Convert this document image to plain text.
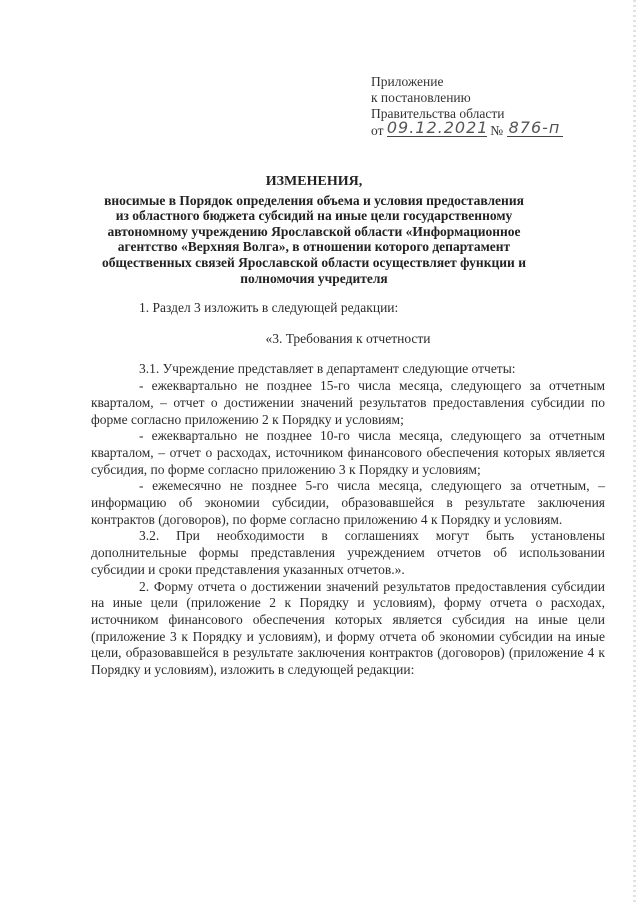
Приложение
к постановлению
Правительства области
от 09.12.2021 № 876-п
ИЗМЕНЕНИЯ,
вносимые в Порядок определения объема и условия предоставления из областного бюджета субсидий на иные цели государственному автономному учреждению Ярославской области «Информационное агентство «Верхняя Волга», в отношении которого департамент общественных связей Ярославской области осуществляет функции и полномочия учредителя

1. Раздел 3 изложить в следующей редакции:

«3. Требования к отчетности

3.1. Учреждение представляет в департамент следующие отчеты:

- ежеквартально не позднее 15-го числа месяца, следующего за отчетным кварталом, – отчет о достижении значений результатов предоставления субсидии по форме согласно приложению 2 к Порядку и условиям;

- ежеквартально не позднее 10-го числа месяца, следующего за отчетным кварталом, – отчет о расходах, источником финансового обеспечения которых является субсидия, по форме согласно приложению 3 к Порядку и условиям;

- ежемесячно не позднее 5-го числа месяца, следующего за отчетным, – информацию об экономии субсидии, образовавшейся в результате заключения контрактов (договоров), по форме согласно приложению 4 к Порядку и условиям.

3.2. При необходимости в соглашениях могут быть установлены дополнительные формы представления учреждением отчетов об использовании субсидии и сроки представления указанных отчетов.».

2. Форму отчета о достижении значений результатов предоставления субсидии на иные цели (приложение 2 к Порядку и условиям), форму отчета о расходах, источником финансового обеспечения которых является субсидия на иные цели (приложение 3 к Порядку и условиям), и форму отчета об экономии субсидии на иные цели, образовавшейся в результате заключения контрактов (договоров) (приложение 4 к Порядку и условиям), изложить в следующей редакции:
